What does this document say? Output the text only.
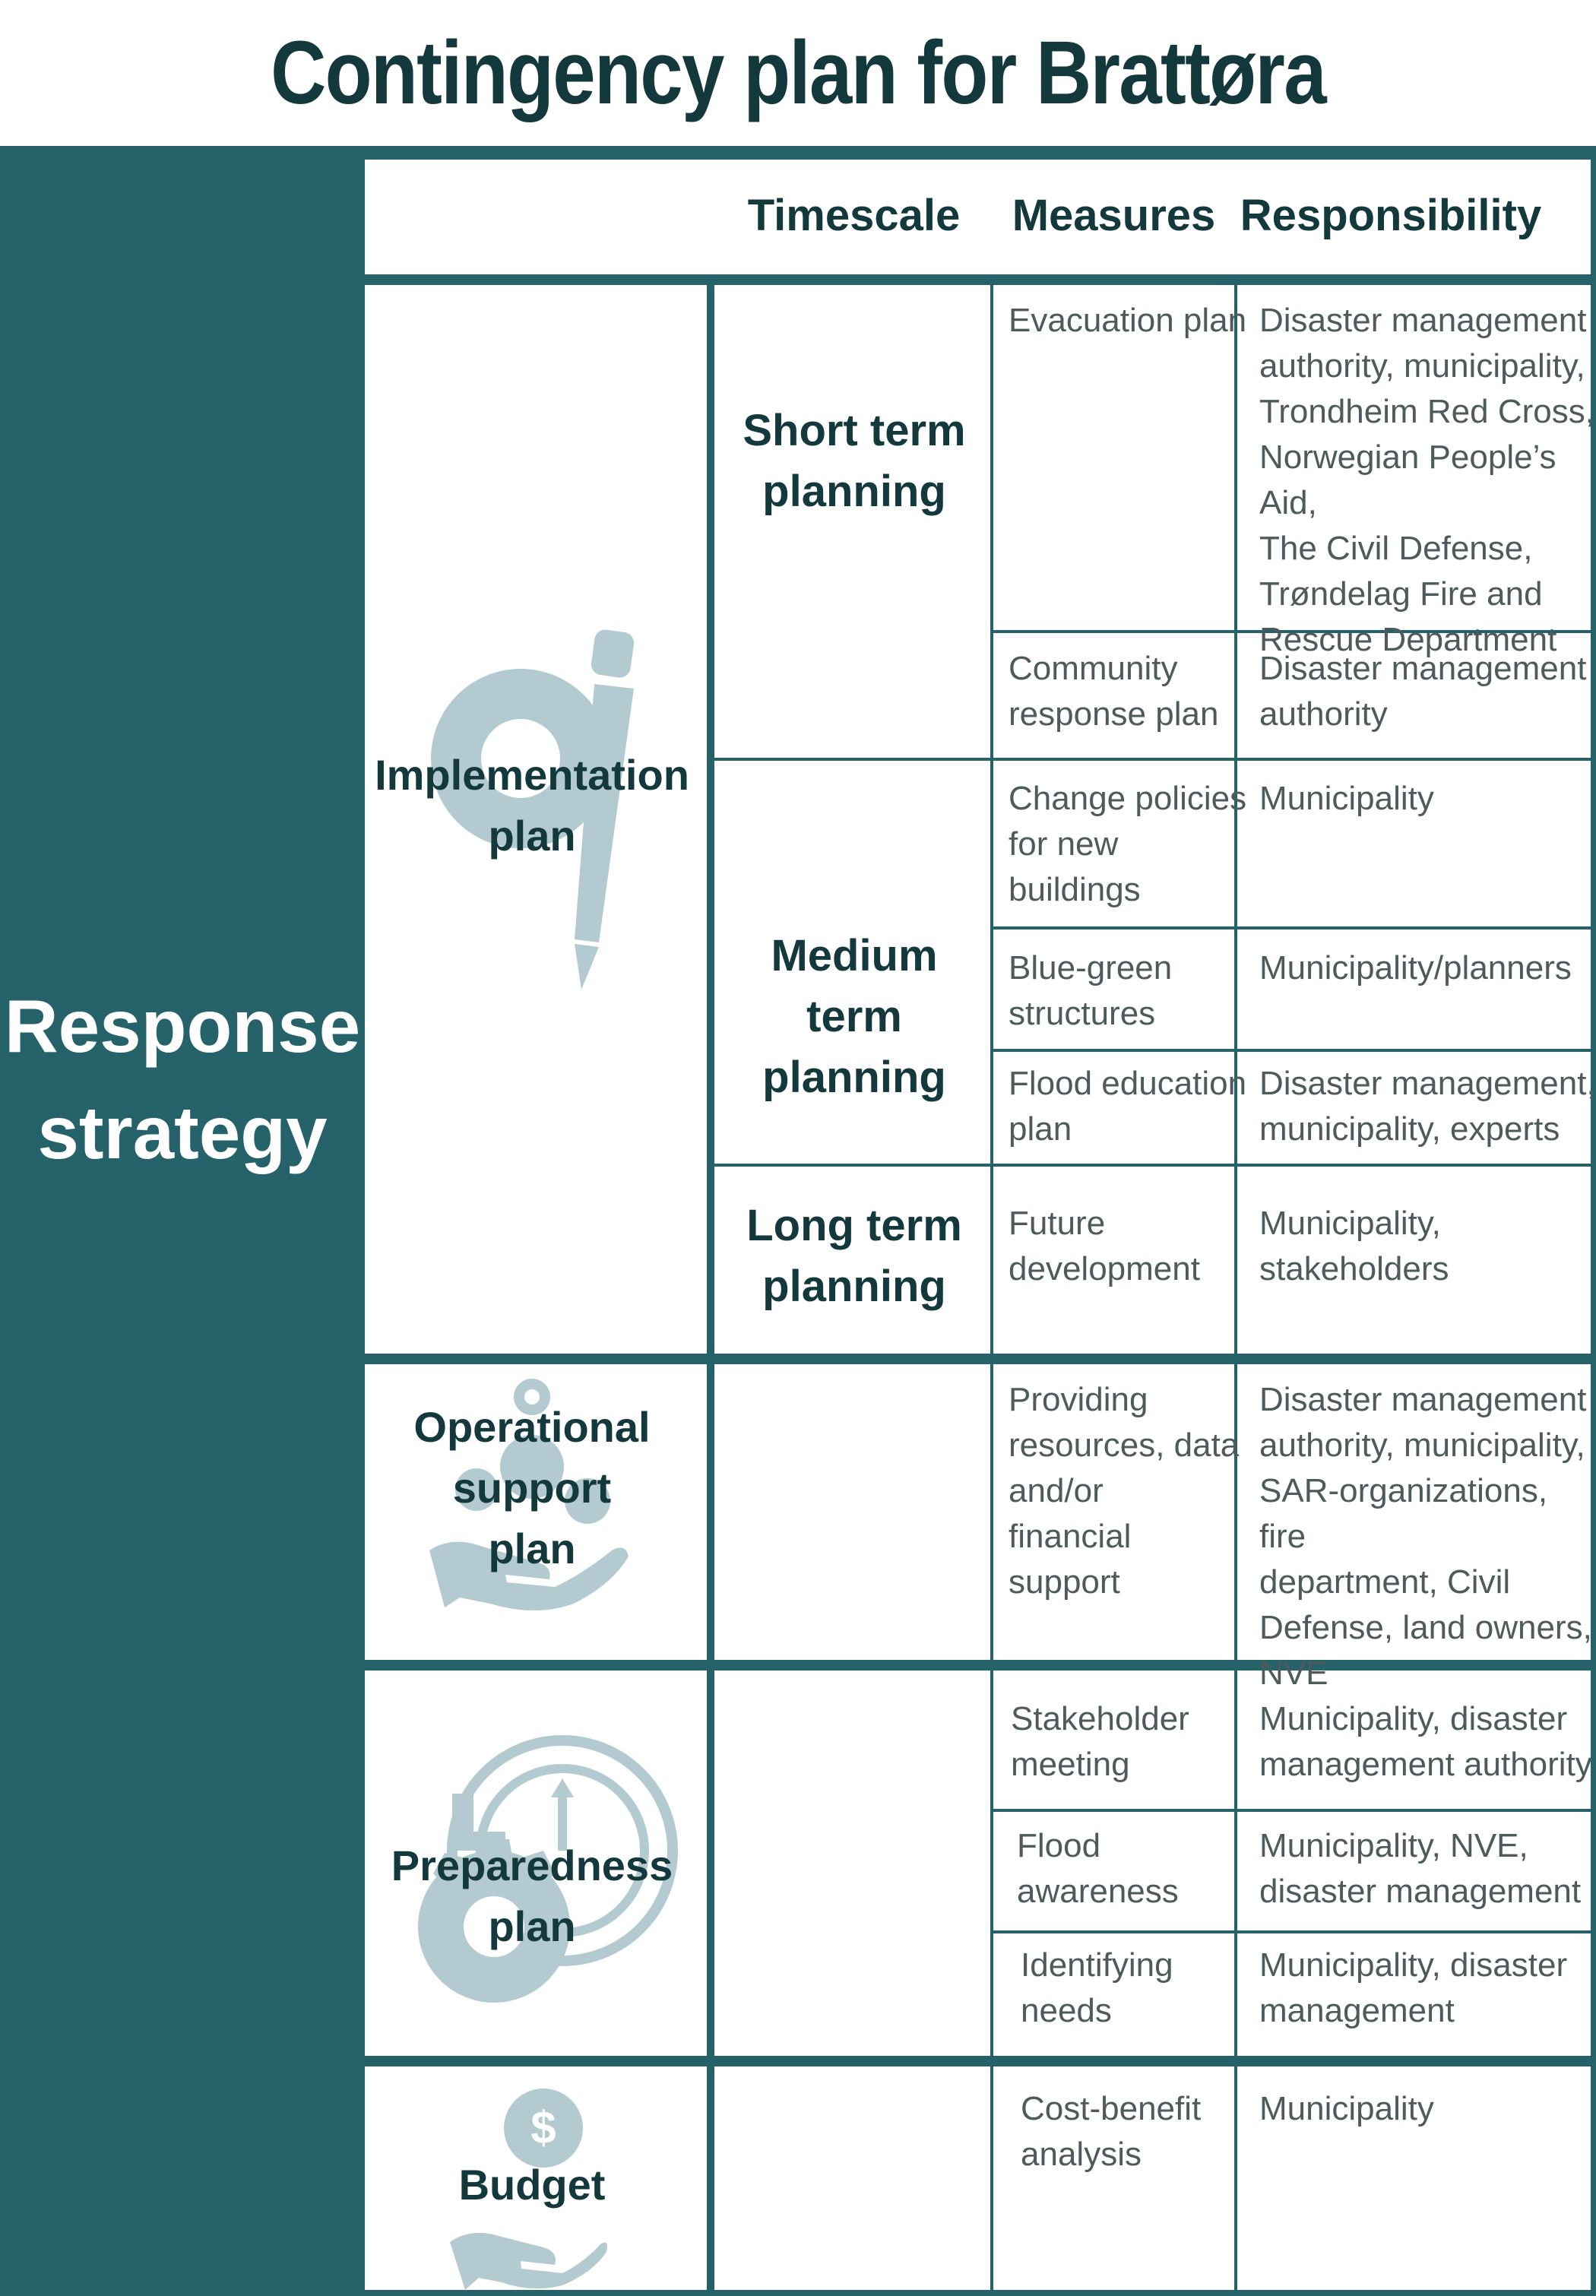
Contingency plan for Brattøra
Response
strategy
Timescale	Measures Responsibility
$
Implementation
plan
Operational
support
plan
Preparedness
plan
Budget
Short term
planning
Medium term
planning
Long term
planning
Evacuation plan Disaster management
authority, municipality,
Trondheim Red Cross,
Norwegian People’s Aid,
The Civil Defense,
Trøndelag Fire and
Rescue Department
Community
response plan
Disaster management
authority
Change policies
for new
buildings
Municipality
Blue-green
structures
Municipality/planners
Flood education
plan
Disaster management,
municipality, experts
Future
development
Municipality,
stakeholders
Providing
resources, data
and/or
financial
support
Disaster management
authority, municipality,
SAR-organizations, fire
department, Civil
Defense, land owners,
NVE
Stakeholder
meeting
Municipality, disaster
management authority
Flood
awareness
Municipality, NVE,
disaster management
Identifying
needs
Municipality, disaster
management
Cost-benefit
analysis
Municipality
